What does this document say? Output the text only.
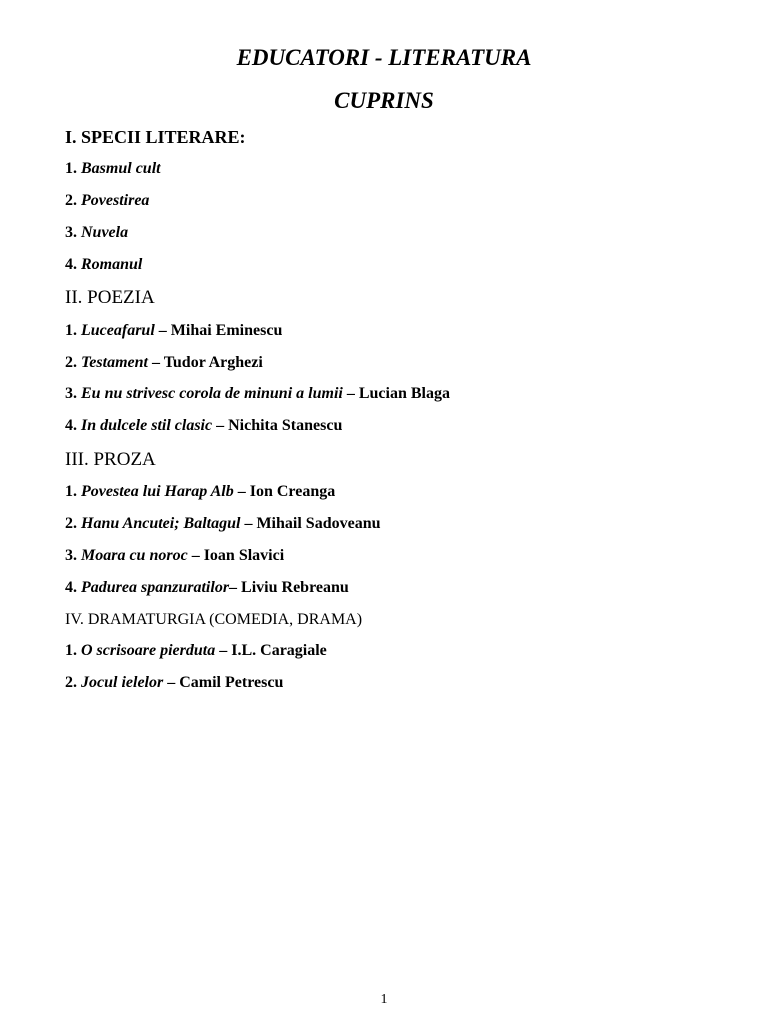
EDUCATORI - LITERATURA
CUPRINS
I. SPECII LITERARE:
1. Basmul cult
2. Povestirea
3. Nuvela
4. Romanul
II. POEZIA
1. Luceafarul – Mihai Eminescu
2. Testament – Tudor Arghezi
3. Eu nu strivesc corola de minuni a lumii – Lucian Blaga
4. In dulcele stil clasic – Nichita Stanescu
III. PROZA
1. Povestea lui Harap Alb – Ion Creanga
2. Hanu Ancutei; Baltagul – Mihail Sadoveanu
3. Moara cu noroc – Ioan Slavici
4. Padurea spanzuratilor– Liviu Rebreanu
IV. DRAMATURGIA (COMEDIA, DRAMA)
1. O scrisoare pierduta – I.L. Caragiale
2. Jocul ielelor – Camil Petrescu
1
